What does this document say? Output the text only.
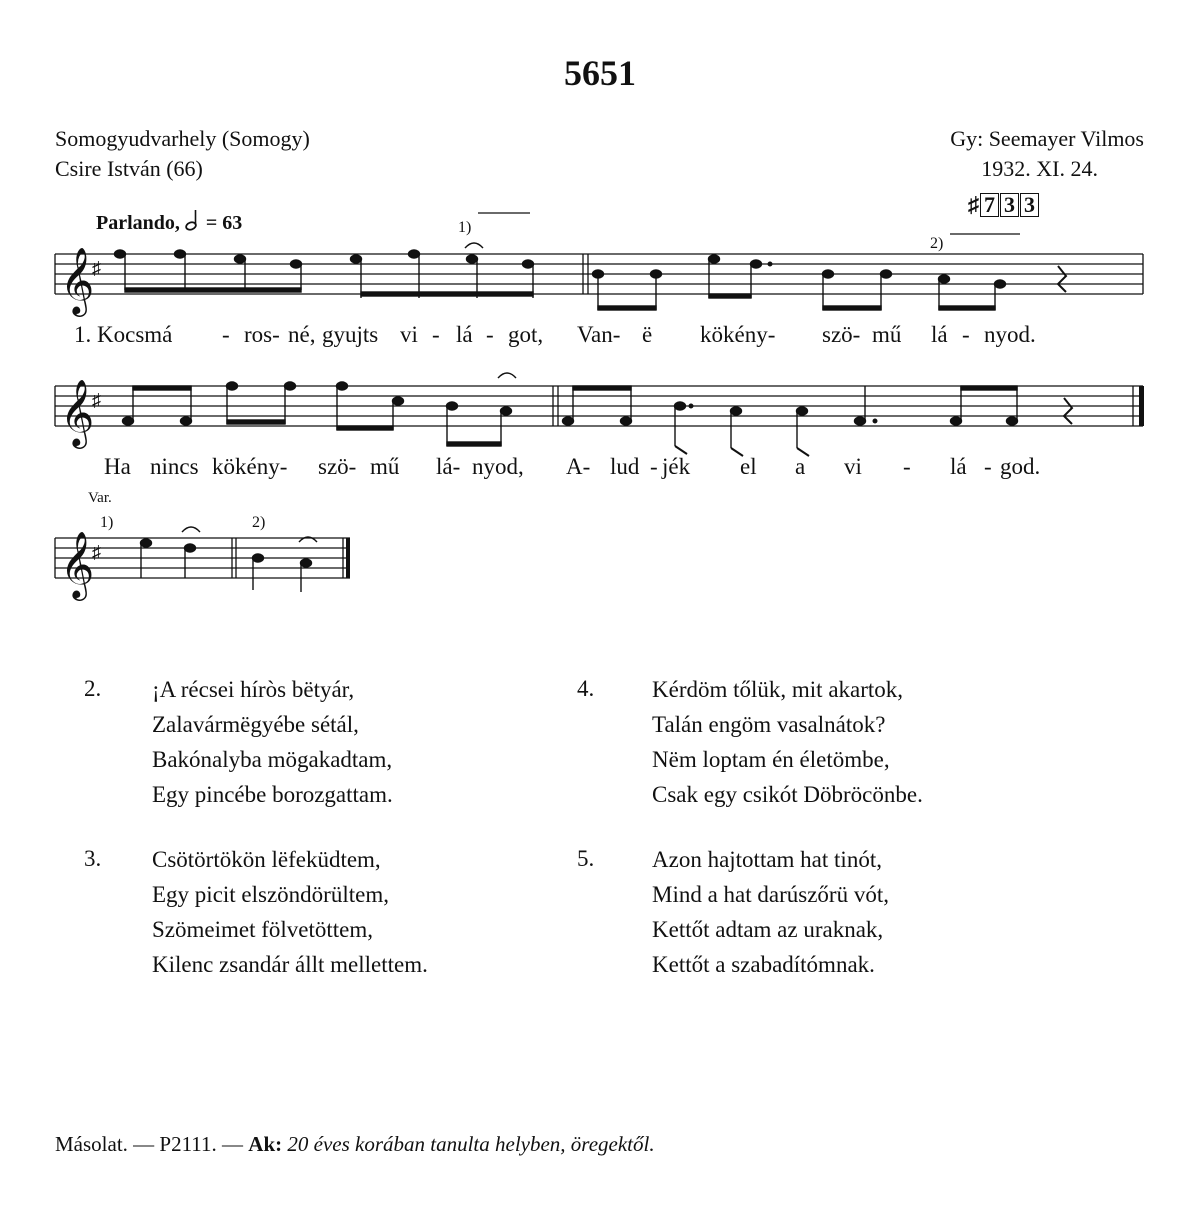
5651
Somogyudvarhely (Somogy)
Csire István (66)
Gy: Seemayer Vilmos
1932. XI. 24.
Parlando, = 63
♯ 7 3 3
𝄞
♯
𝄞
♯
𝄞
♯
1)
2)
1)	2)
Var.
1. Kocsmá - ros- né, gyujts vi - lá - got, Van- ë kökény- szö- mű lá - nyod.
Ha nincs kökény- szö- mű lá- nyod, A- lud - jék el a vi - lá - god.
2. ¡A récsei híròs bëtyár,
Zalavármëgyébe sétál,
Bakónalyba mögakadtam,
Egy pincébe borozgattam.
3. Csötörtökön lëfeküdtem,
Egy picit elszöndörültem,
Szömeimet fölvetöttem,
Kilenc zsandár állt mellettem.
4.	Kérdöm tőlük, mit akartok,
Talán engöm vasalnátok?
Nëm loptam én életömbe,
Csak egy csikót Döbröcönbe.
5.	Azon hajtottam hat tinót,
Mind a hat darúszőrü vót,
Kettőt adtam az uraknak,
Kettőt a szabadítómnak.
Másolat. — P2111. — Ak: 20 éves korában tanulta helyben, öregektől.
